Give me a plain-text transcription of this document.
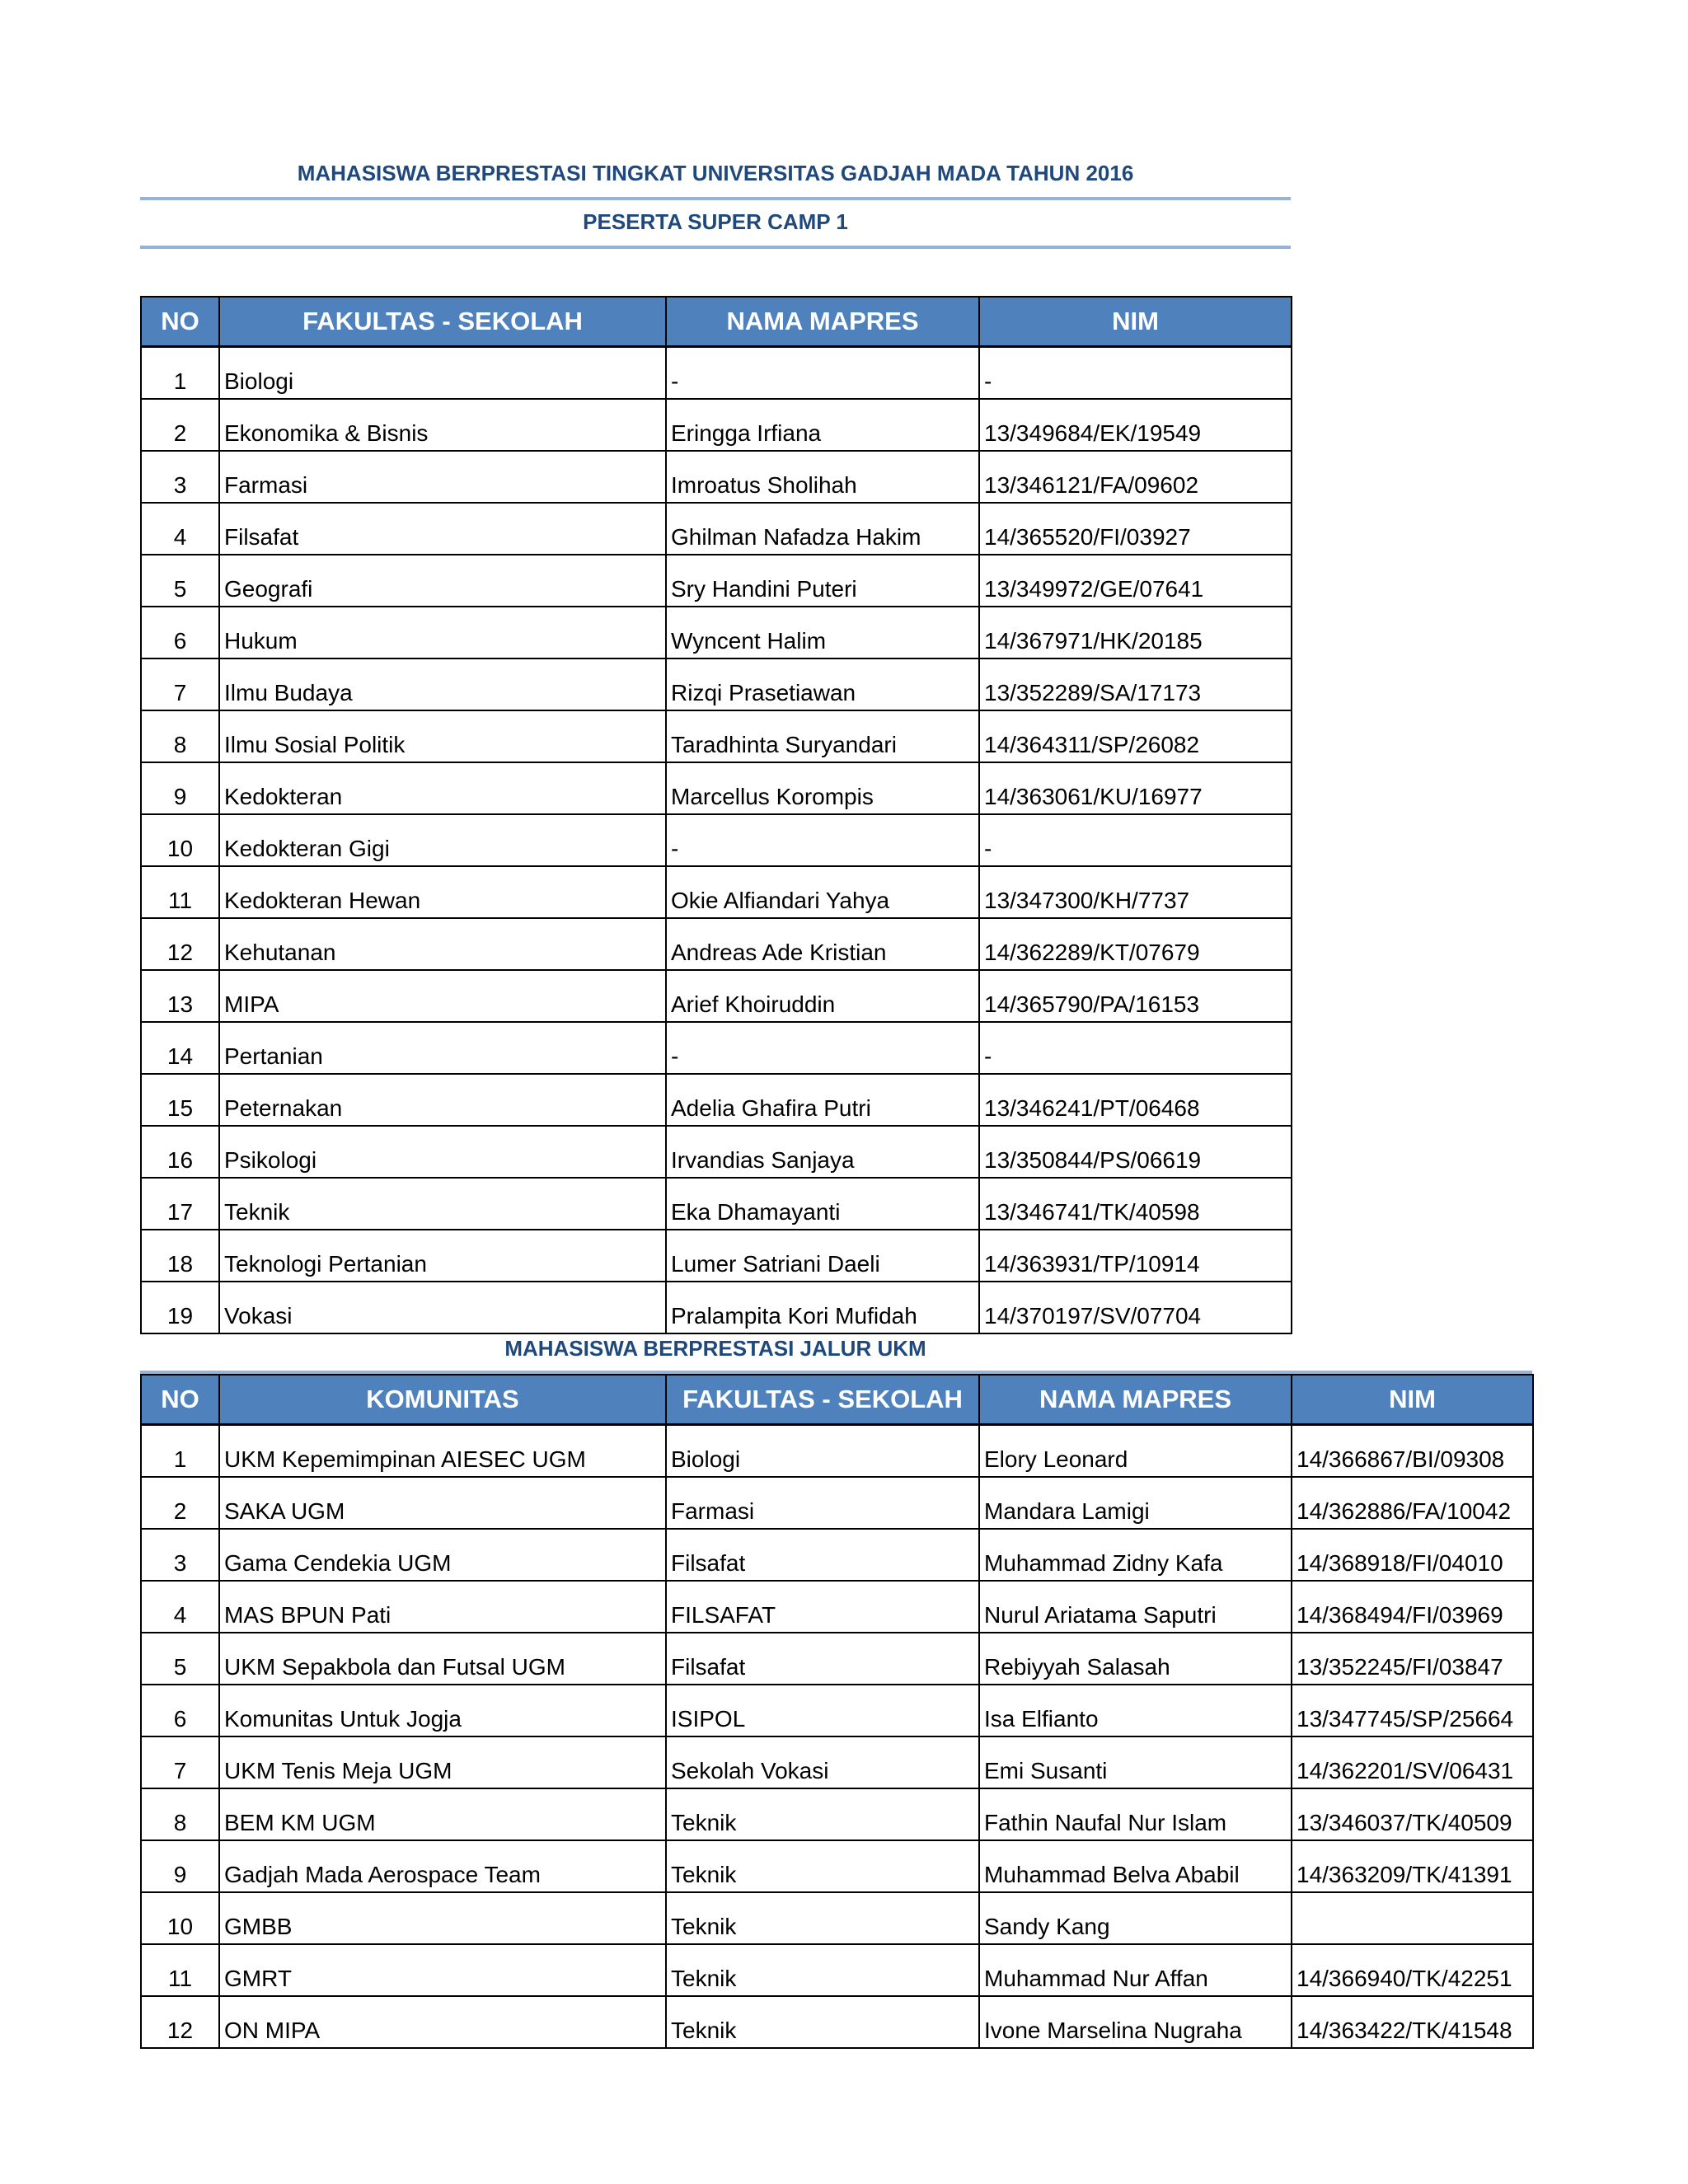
MAHASISWA BERPRESTASI TINGKAT UNIVERSITAS GADJAH MADA TAHUN 2016
PESERTA SUPER CAMP 1
NO	FAKULTAS - SEKOLAH	NAMA MAPRES	NIM
1	Biologi	-	-
2	Ekonomika & Bisnis	Eringga Irfiana	13/349684/EK/19549
3	Farmasi	Imroatus Sholihah	13/346121/FA/09602
4	Filsafat	Ghilman Nafadza Hakim	14/365520/FI/03927
5	Geografi	Sry Handini Puteri	13/349972/GE/07641
6	Hukum	Wyncent Halim	14/367971/HK/20185
7	Ilmu Budaya	Rizqi Prasetiawan	13/352289/SA/17173
8	Ilmu Sosial Politik	Taradhinta Suryandari	14/364311/SP/26082
9	Kedokteran	Marcellus Korompis	14/363061/KU/16977
10	Kedokteran Gigi	-	-
11	Kedokteran Hewan	Okie Alfiandari Yahya	13/347300/KH/7737
12	Kehutanan	Andreas Ade Kristian	14/362289/KT/07679
13	MIPA	Arief Khoiruddin	14/365790/PA/16153
14	Pertanian	-	-
15	Peternakan	Adelia Ghafira Putri	13/346241/PT/06468
16	Psikologi	Irvandias Sanjaya	13/350844/PS/06619
17	Teknik	Eka Dhamayanti	13/346741/TK/40598
18	Teknologi Pertanian	Lumer Satriani Daeli	14/363931/TP/10914
19	Vokasi	Pralampita Kori Mufidah	14/370197/SV/07704
MAHASISWA BERPRESTASI JALUR UKM
NO	KOMUNITAS	FAKULTAS - SEKOLAH	NAMA MAPRES	NIM
1	UKM Kepemimpinan AIESEC UGM	Biologi	Elory Leonard	14/366867/BI/09308
2	SAKA UGM	Farmasi	Mandara Lamigi	14/362886/FA/10042
3	Gama Cendekia UGM	Filsafat	Muhammad Zidny Kafa	14/368918/FI/04010
4	MAS BPUN Pati	FILSAFAT	Nurul Ariatama Saputri	14/368494/FI/03969
5	UKM Sepakbola dan Futsal UGM	Filsafat	Rebiyyah Salasah	13/352245/FI/03847
6	Komunitas Untuk Jogja	ISIPOL	Isa Elfianto	13/347745/SP/25664
7	UKM Tenis Meja UGM	Sekolah Vokasi	Emi Susanti	14/362201/SV/06431
8	BEM KM UGM	Teknik	Fathin Naufal Nur Islam	13/346037/TK/40509
9	Gadjah Mada Aerospace Team	Teknik	Muhammad Belva Ababil	14/363209/TK/41391
10	GMBB	Teknik	Sandy Kang	
11	GMRT	Teknik	Muhammad Nur Affan	14/366940/TK/42251
12	ON MIPA	Teknik	Ivone Marselina Nugraha	14/363422/TK/41548
